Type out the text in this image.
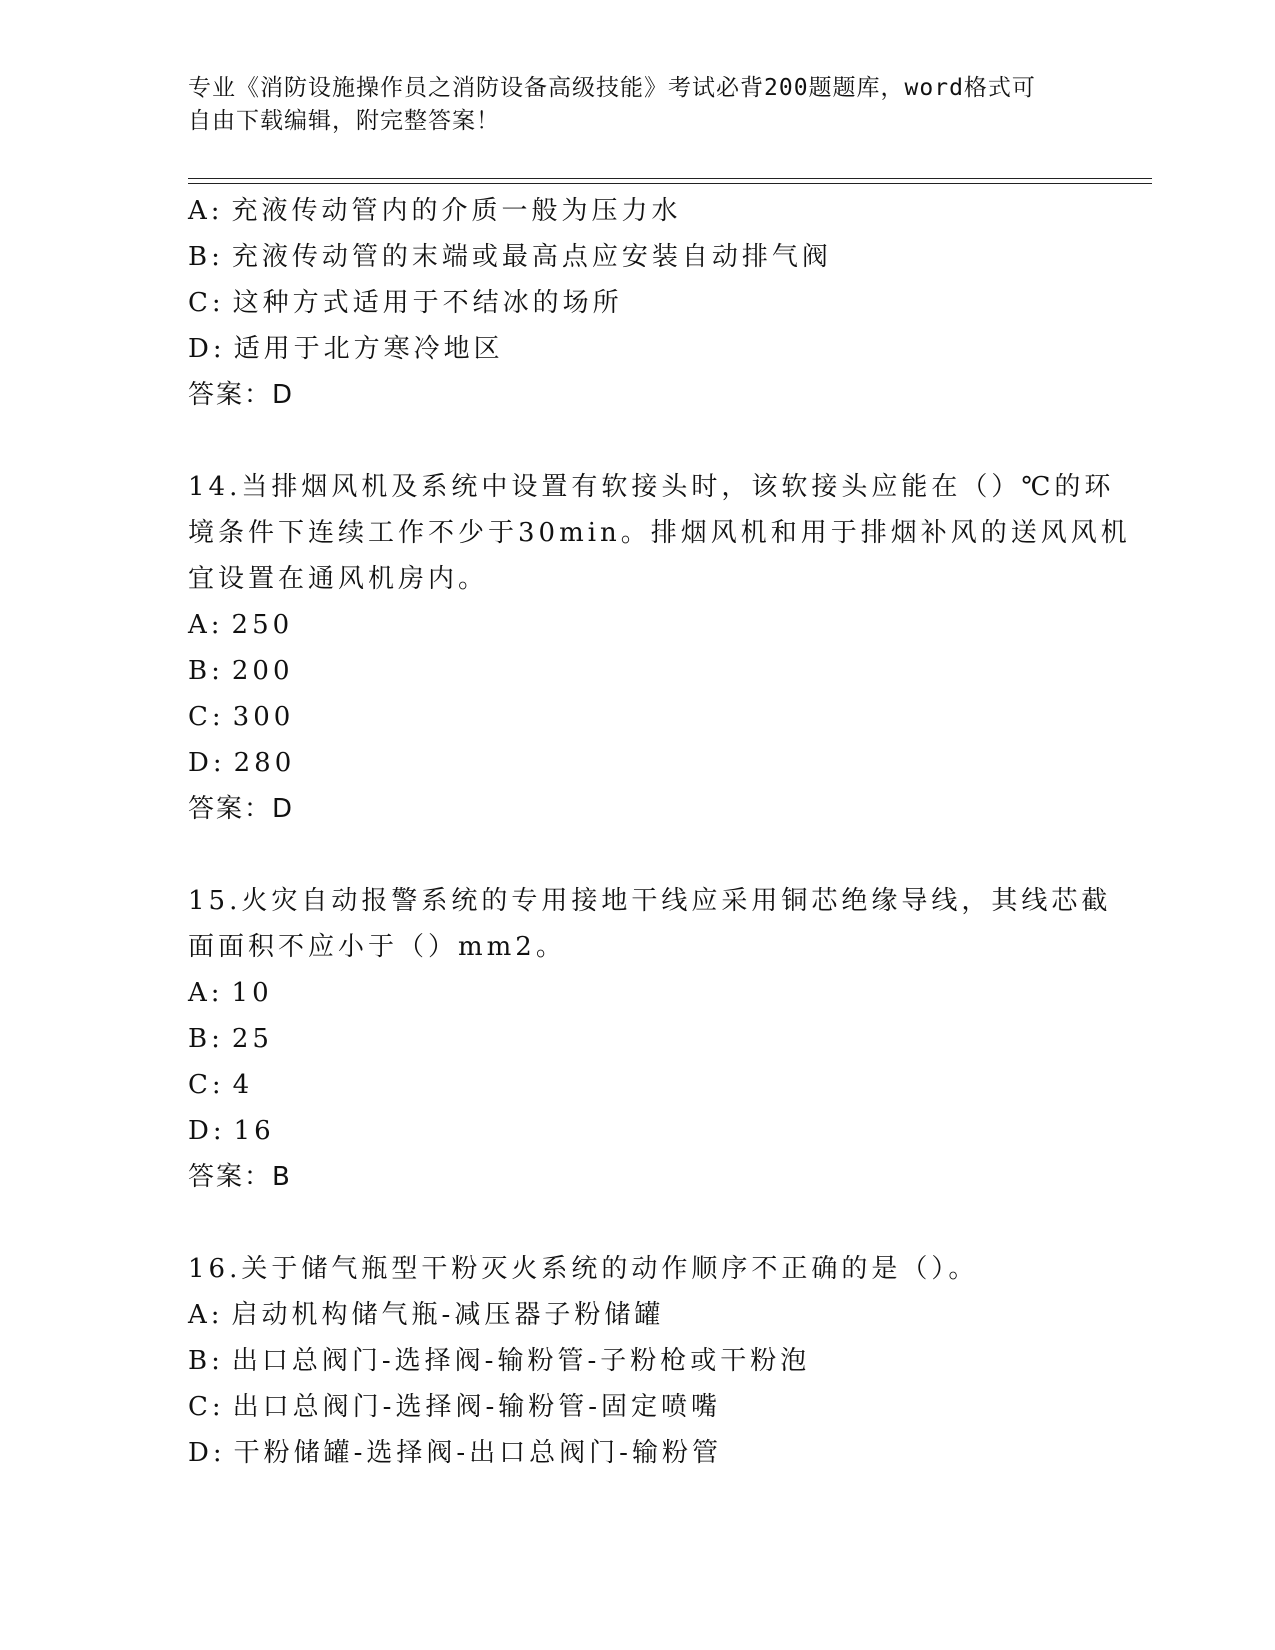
专业《消防设施操作员之消防设备高级技能》考试必背200题题库，word格式可
自由下载编辑，附完整答案！
A: 充液传动管内的介质一般为压力水
B: 充液传动管的末端或最高点应安装自动排气阀
C: 这种方式适用于不结冰的场所
D: 适用于北方寒冷地区
答案：D
14.当排烟风机及系统中设置有软接头时，该软接头应能在（）℃的环
境条件下连续工作不少于30min。排烟风机和用于排烟补风的送风风机
宜设置在通风机房内。
A: 250
B: 200
C: 300
D: 280
答案：D
15.火灾自动报警系统的专用接地干线应采用铜芯绝缘导线，其线芯截
面面积不应小于（）mm2。
A: 10
B: 25
C: 4
D: 16
答案：B
16.关于储气瓶型干粉灭火系统的动作顺序不正确的是（）。
A: 启动机构储气瓶-减压器子粉储罐
B: 出口总阀门-选择阀-输粉管-子粉枪或干粉泡
C: 出口总阀门-选择阀-输粉管-固定喷嘴
D: 干粉储罐-选择阀-出口总阀门-输粉管
